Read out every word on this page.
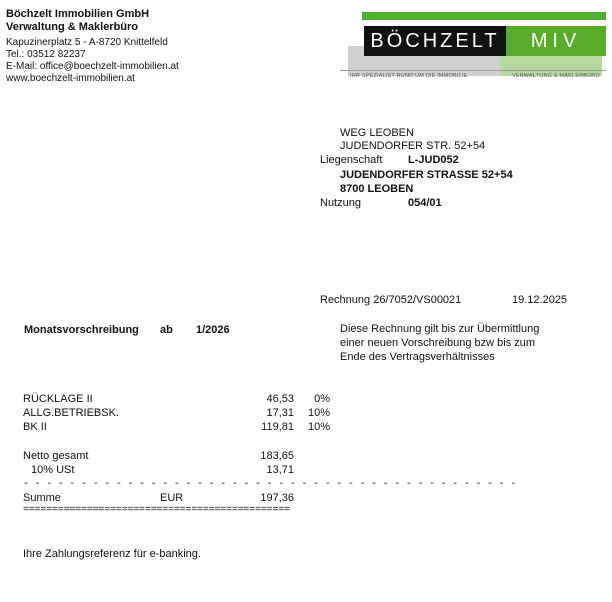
Böchzelt Immobilien GmbH
Verwaltung & Maklerbüro
Kapuzinerplatz 5 - A-8720 Knittelfeld
Tel.: 03512 82237
E-Mail: office@boechzelt-immobilien.at
www.boechzelt-immobilien.at
BÖCHZELT	MIV
IHR SPEZIALIST RUND UM DIE IMMOBILIE	VERWALTUNG & MAKLERBÜRO
WEG LEOBEN
JUDENDORFER STR. 52+54
Liegenschaft L-JUD052
JUDENDORFER STRASSE 52+54
8700 LEOBEN
Nutzung	054/01
Rechnung 26/7052/VS00021	19.12.2025
Monatsvorschreibung ab 1/2026	Diese Rechnung gilt bis zur Übermittlung
einer neuen Vorschreibung bzw bis zum
Ende des Vertragsverhältnisses
RÜCKLAGE II	46,53	0%
ALLG.BETRIEBSK.	17,31	10%
BK II	119,81	10%
Netto gesamt	183,65
10% USt	13,71
- - - - - - - - - - - - - - - - - - - - - - - - - - - - - - - - - - - - - - - - - - -
Summe	EUR	197,36
==============================================
Ihre Zahlungsreferenz für e-banking.
